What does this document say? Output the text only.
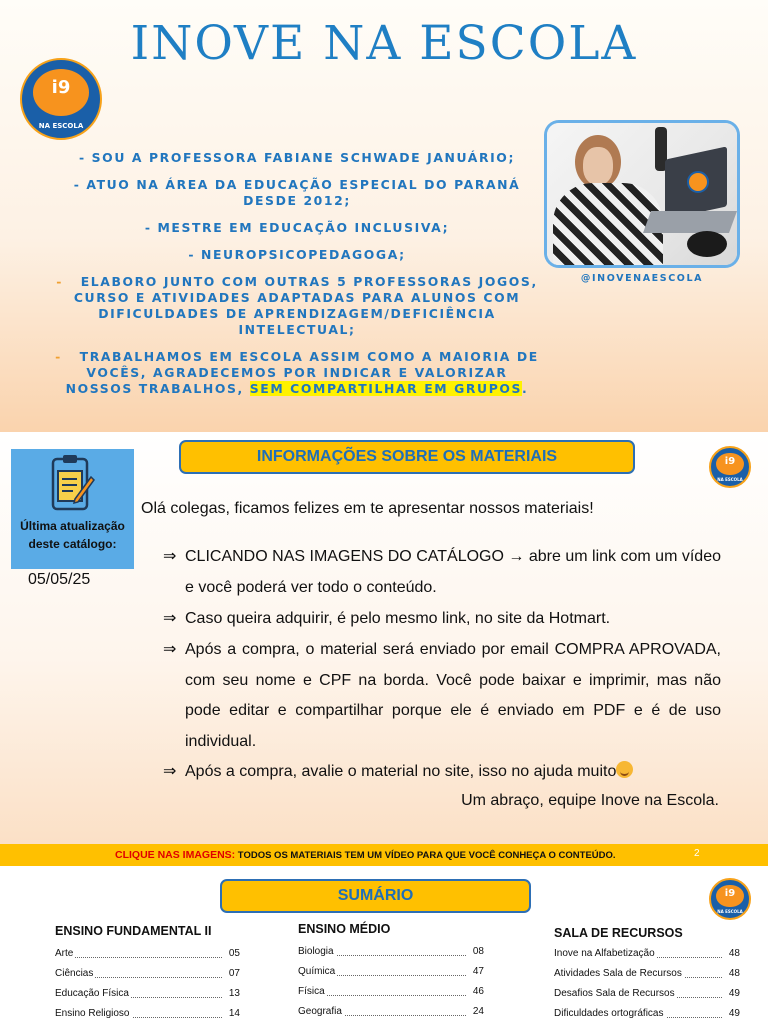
INOVE NA ESCOLA
i9
NA ESCOLA

- SOU A PROFESSORA FABIANE SCHWADE JANUÁRIO;

- ATUO NA ÁREA DA EDUCAÇÃO ESPECIAL DO PARANÁ DESDE 2012;

- MESTRE EM EDUCAÇÃO INCLUSIVA;

- NEUROPSICOPEDAGOGA;

- ELABORO JUNTO COM OUTRAS 5 PROFESSORAS JOGOS, CURSO E ATIVIDADES ADAPTADAS PARA ALUNOS COM DIFICULDADES DE APRENDIZAGEM/DEFICIÊNCIA INTELECTUAL;

- TRABALHAMOS EM ESCOLA ASSIM COMO A MAIORIA DE VOCÊS, AGRADECEMOS POR INDICAR E VALORIZAR NOSSOS TRABALHOS, SEM COMPARTILHAR EM GRUPOS.

@INOVENAESCOLA
Última atualização deste catálogo:
05/05/25
INFORMAÇÕES SOBRE OS MATERIAIS	i9
NA ESCOLA
Olá colegas, ficamos felizes em te apresentar nossos materiais!
⇒ CLICANDO NAS IMAGENS DO CATÁLOGO → abre um link com um vídeo e você poderá ver todo o conteúdo.
⇒ Caso queira adquirir, é pelo mesmo link, no site da Hotmart.
⇒ Após a compra, o material será enviado por email COMPRA APROVADA, com seu nome e CPF na borda. Você pode baixar e imprimir, mas não pode editar e compartilhar porque ele é enviado em PDF e é de uso individual.
⇒ Após a compra, avalie o material no site, isso no ajuda muito
Um abraço, equipe Inove na Escola.
CLIQUE NAS IMAGENS: TODOS OS MATERIAIS TEM UM VÍDEO PARA QUE VOCÊ CONHEÇA O CONTEÚDO.	2
SUMÁRIO	i9
NA ESCOLA
ENSINO FUNDAMENTAL II
Arte	05
Ciências	07
Educação Física	13
Ensino Religioso	14
ENSINO MÉDIO
Biologia	08
Química	47
Física	46
Geografia	24
SALA DE RECURSOS
Inove na Alfabetização	48
Atividades Sala de Recursos	48
Desafios Sala de Recursos	49
Dificuldades ortográficas	49
